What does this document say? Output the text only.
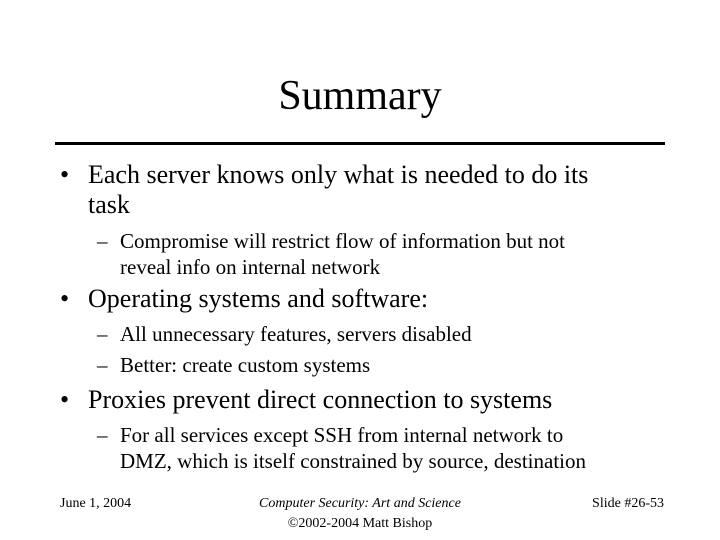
Summary
• Each server knows only what is needed to do its
task
– Compromise will restrict flow of information but not
reveal info on internal network
• Operating systems and software:
– All unnecessary features, servers disabled
– Better: create custom systems
• Proxies prevent direct connection to systems
– For all services except SSH from internal network to
DMZ, which is itself constrained by source, destination
June 1, 2004	Computer Security: Art and Science
©2002-2004 Matt Bishop
Slide #26-53
